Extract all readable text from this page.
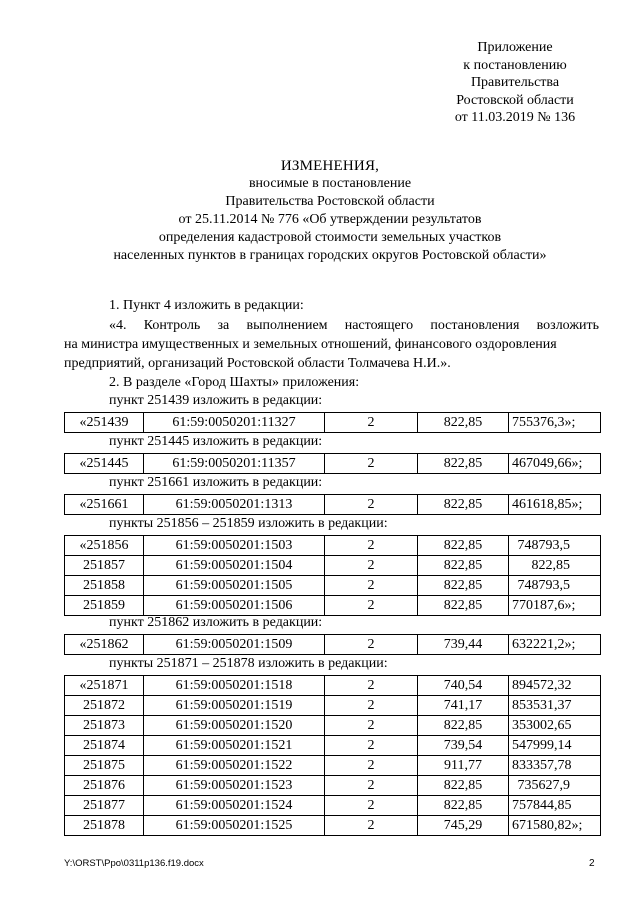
Приложение
к постановлению
Правительства
Ростовской области
от 11.03.2019 № 136
ИЗМЕНЕНИЯ,
вносимые в постановление
Правительства Ростовской области
от 25.11.2014 № 776 «Об утверждении результатов
определения кадастровой стоимости земельных участков
населенных пунктов в границах городских округов Ростовской области»
1. Пункт 4 изложить в редакции:
«4. Контроль за выполнением настоящего постановления возложить
на министра имущественных и земельных отношений, финансового оздоровления
предприятий, организаций Ростовской области Толмачева Н.И.».
2. В разделе «Город Шахты» приложения:
пункт 251439 изложить в редакции:
«251439	61:59:0050201:11327	2	822,85	755376,3»;
пункт 251445 изложить в редакции:
«251445	61:59:0050201:11357	2	822,85	467049,66»;
пункт 251661 изложить в редакции:
«251661	61:59:0050201:1313	2	822,85	461618,85»;
пункты 251856 – 251859 изложить в редакции:
«251856	61:59:0050201:1503	2	822,85	748793,5
251857	61:59:0050201:1504	2	822,85	822,85
251858	61:59:0050201:1505	2	822,85	748793,5
251859	61:59:0050201:1506	2	822,85	770187,6»;
пункт 251862 изложить в редакции:
«251862	61:59:0050201:1509	2	739,44	632221,2»;
пункты 251871 – 251878 изложить в редакции:
«251871	61:59:0050201:1518	2	740,54	894572,32
251872	61:59:0050201:1519	2	741,17	853531,37
251873	61:59:0050201:1520	2	822,85	353002,65
251874	61:59:0050201:1521	2	739,54	547999,14
251875	61:59:0050201:1522	2	911,77	833357,78
251876	61:59:0050201:1523	2	822,85	735627,9
251877	61:59:0050201:1524	2	822,85	757844,85
251878	61:59:0050201:1525	2	745,29	671580,82»;
Y:\ORST\Ppo\0311p136.f19.docx	2
